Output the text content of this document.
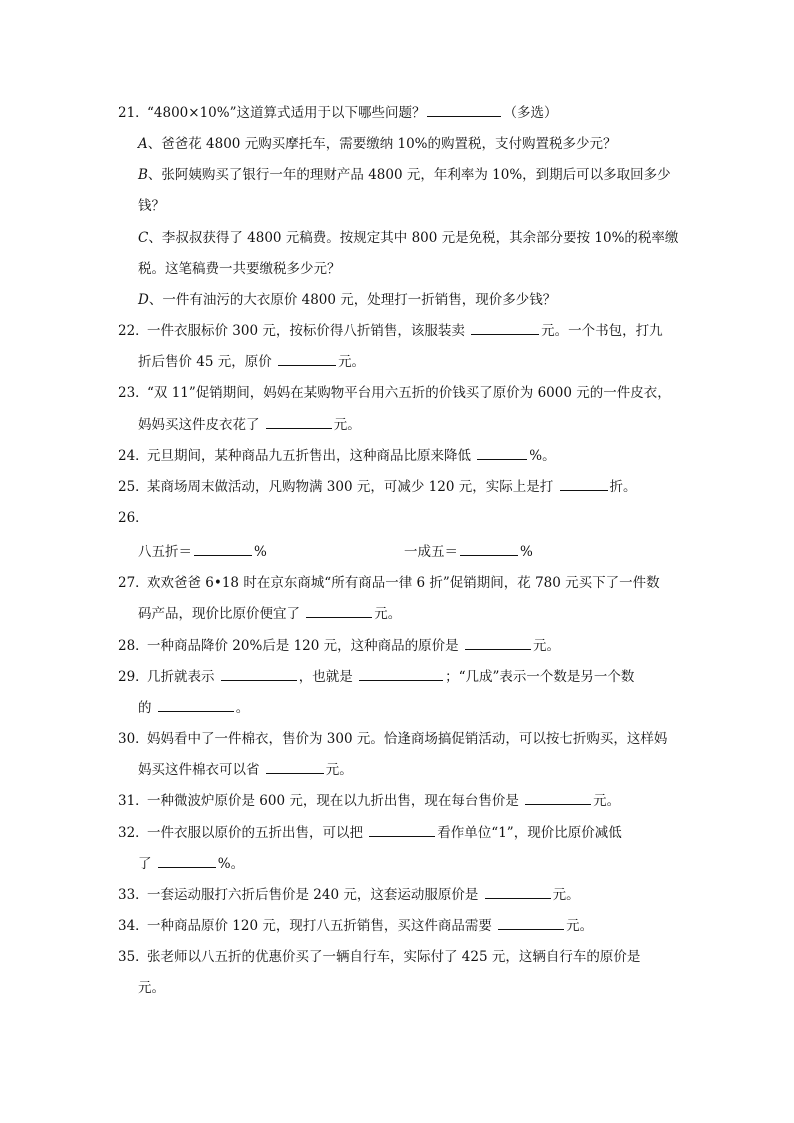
21．
“4800×10%”这道算式适用于以下哪些问题？	（多选）
A、爸爸花 4800 元购买摩托车，需要缴纳 10%的购置税，支付购置税多少元？
B、张阿姨购买了银行一年的理财产品 4800 元，年利率为 10%，到期后可以多取回多少
钱？
C、李叔叔获得了 4800 元稿费。按规定其中 800 元是免税，其余部分要按 10%的税率缴
税。这笔稿费一共要缴税多少元？
D、一件有油污的大衣原价 4800 元，处理打一折销售，现价多少钱？
22．
一件衣服标价 300 元，按标价得八折销售，该服装卖	元。一个书包，打九
折后售价 45 元，原价	元。
23．
“双 11”促销期间，妈妈在某购物平台用六五折的价钱买了原价为 6000 元的一件皮衣，
妈妈买这件皮衣花了	元。
24．
元旦期间，某种商品九五折售出，这种商品比原来降低	%。
25．
某商场周末做活动，凡购物满 300 元，可减少 120 元，实际上是打	折。
26．
八五折＝	%	一成五＝	%
27．
欢欢爸爸 6•18 时在京东商城“所有商品一律 6 折”促销期间，花 780 元买下了一件数
码产品，现价比原价便宜了	元。
28．
一种商品降价 20%后是 120 元，这种商品的原价是	元。
29．
几折就表示	，也就是	；“几成”表示一个数是另一个数
的	。
30．
妈妈看中了一件棉衣，售价为 300 元。恰逢商场搞促销活动，可以按七折购买，这样妈
妈买这件棉衣可以省	元。
31．
一种微波炉原价是 600 元，现在以九折出售，现在每台售价是	元。
32．
一件衣服以原价的五折出售，可以把	看作单位“1”，现价比原价减低
了	%。
33．
一套运动服打六折后售价是 240 元，这套运动服原价是	元。
34．
一种商品原价 120 元，现打八五折销售，买这件商品需要	元。
35．
张老师以八五折的优惠价买了一辆自行车，实际付了 425 元，这辆自行车的原价是
元。
